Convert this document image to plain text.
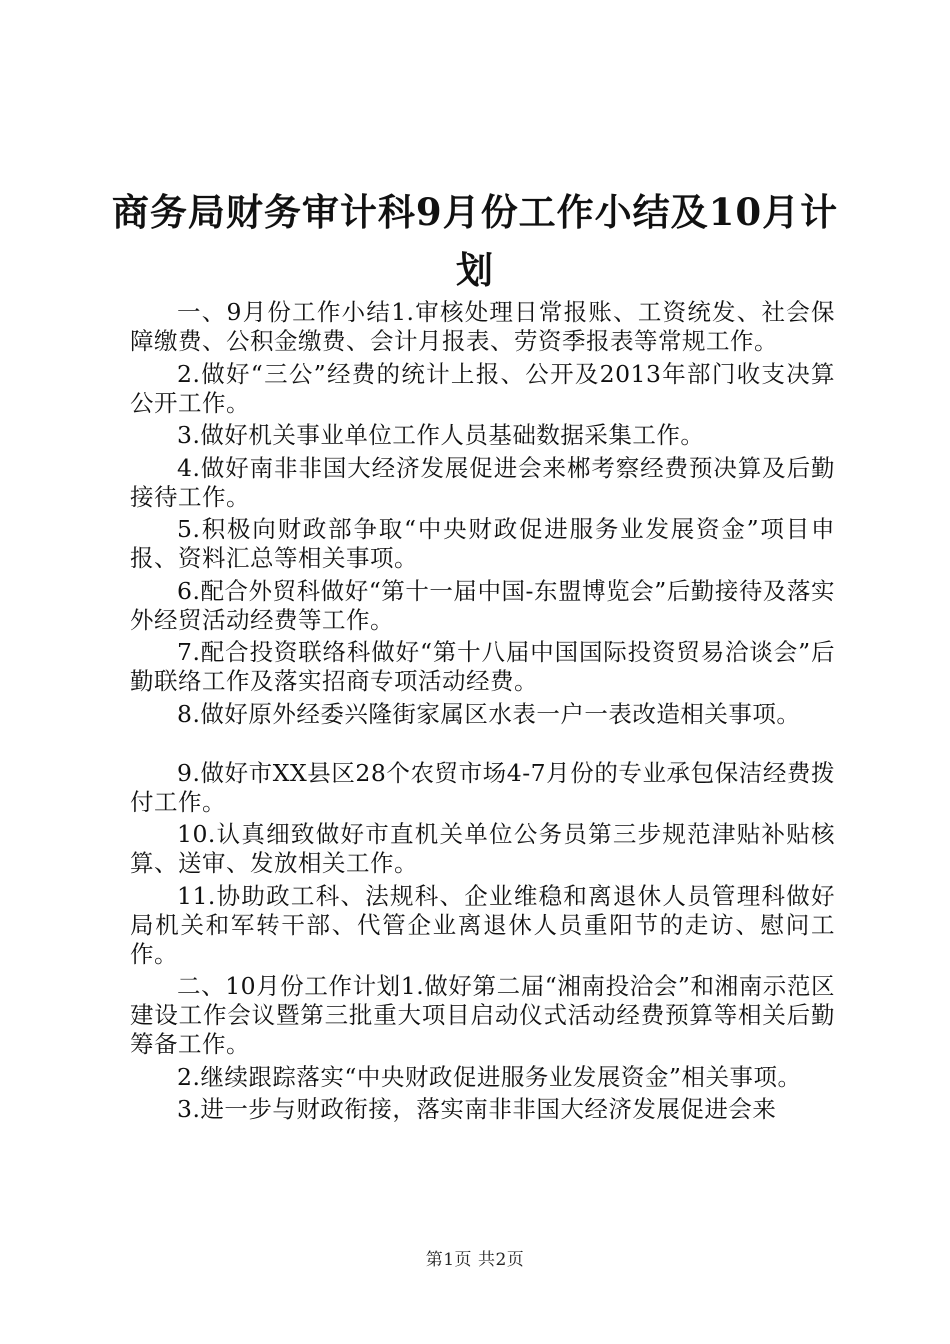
商务局财务审计科9月份工作小结及10月计
划

一、9月份工作小结1.审核处理日常报账、工资统发、社会保障缴费、公积金缴费、会计月报表、劳资季报表等常规工作。

2.做好“三公”经费的统计上报、公开及2013年部门收支决算公开工作。

3.做好机关事业单位工作人员基础数据采集工作。

4.做好南非非国大经济发展促进会来郴考察经费预决算及后勤接待工作。

5.积极向财政部争取“中央财政促进服务业发展资金”项目申报、资料汇总等相关事项。

6.配合外贸科做好“第十一届中国-东盟博览会”后勤接待及落实外经贸活动经费等工作。

7.配合投资联络科做好“第十八届中国国际投资贸易洽谈会”后勤联络工作及落实招商专项活动经费。

8.做好原外经委兴隆街家属区水表一户一表改造相关事项。

9.做好市XX县区28个农贸市场4-7月份的专业承包保洁经费拨付工作。

10.认真细致做好市直机关单位公务员第三步规范津贴补贴核算、送审、发放相关工作。

11.协助政工科、法规科、企业维稳和离退休人员管理科做好局机关和军转干部、代管企业离退休人员重阳节的走访、慰问工作。

二、10月份工作计划1.做好第二届“湘南投洽会”和湘南示范区建设工作会议暨第三批重大项目启动仪式活动经费预算等相关后勤筹备工作。

2.继续跟踪落实“中央财政促进服务业发展资金”相关事项。

3.进一步与财政衔接，落实南非非国大经济发展促进会来

第1页 共2页
